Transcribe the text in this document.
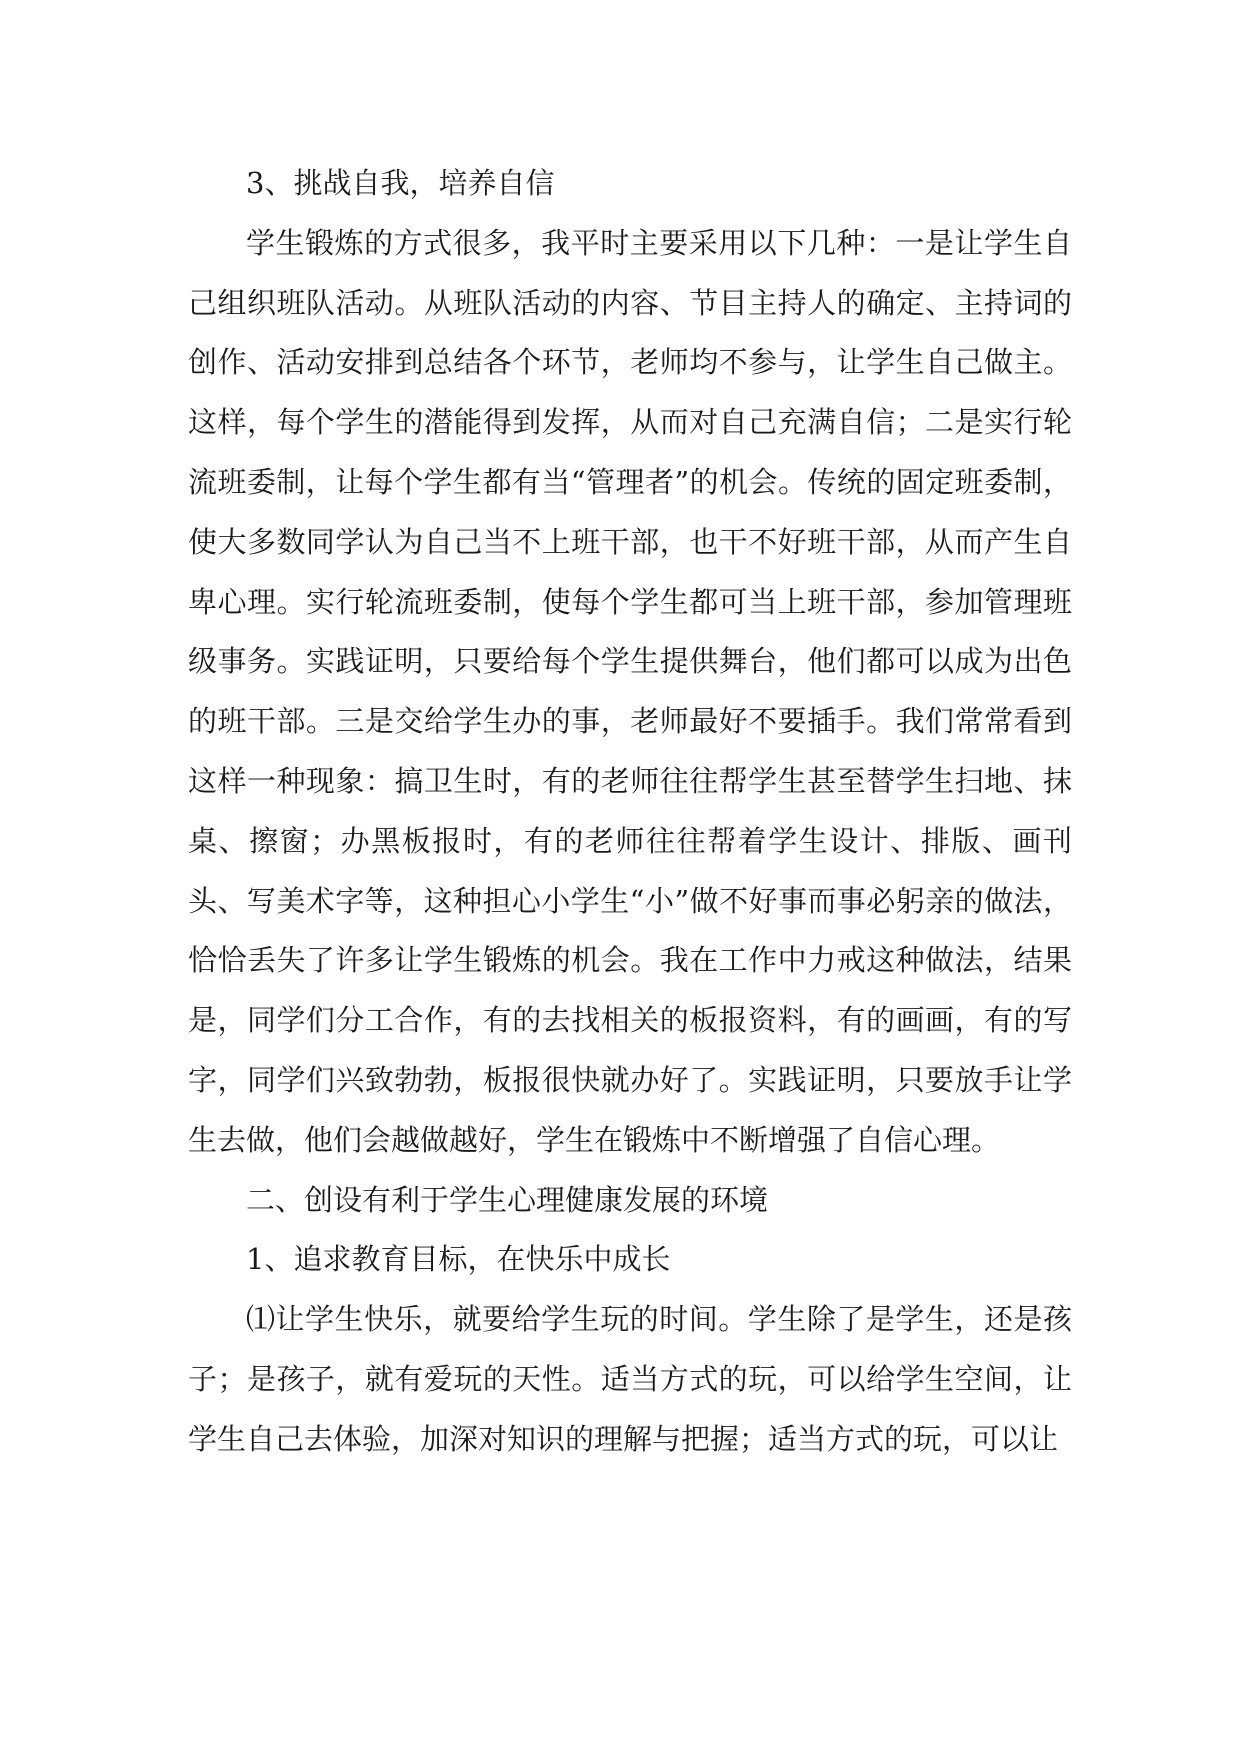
3、挑战自我，培养自信

学生锻炼的方式很多，我平时主要采用以下几种：一是让学生自己组织班队活动。从班队活动的内容、节目主持人的确定、主持词的创作、活动安排到总结各个环节，老师均不参与，让学生自己做主。这样，每个学生的潜能得到发挥，从而对自己充满自信；二是实行轮流班委制，让每个学生都有当“管理者”的机会。传统的固定班委制，使大多数同学认为自己当不上班干部，也干不好班干部，从而产生自卑心理。实行轮流班委制，使每个学生都可当上班干部，参加管理班级事务。实践证明，只要给每个学生提供舞台，他们都可以成为出色的班干部。三是交给学生办的事，老师最好不要插手。我们常常看到这样一种现象：搞卫生时，有的老师往往帮学生甚至替学生扫地、抹桌、擦窗；办黑板报时，有的老师往往帮着学生设计、排版、画刊头、写美术字等，这种担心小学生“小”做不好事而事必躬亲的做法，恰恰丢失了许多让学生锻炼的机会。我在工作中力戒这种做法，结果是，同学们分工合作，有的去找相关的板报资料，有的画画，有的写字，同学们兴致勃勃，板报很快就办好了。实践证明，只要放手让学生去做，他们会越做越好，学生在锻炼中不断增强了自信心理。

二、创设有利于学生心理健康发展的环境

1、追求教育目标，在快乐中成长

⑴让学生快乐，就要给学生玩的时间。学生除了是学生，还是孩子；是孩子，就有爱玩的天性。适当方式的玩，可以给学生空间，让学生自己去体验，加深对知识的理解与把握；适当方式的玩，可以让
